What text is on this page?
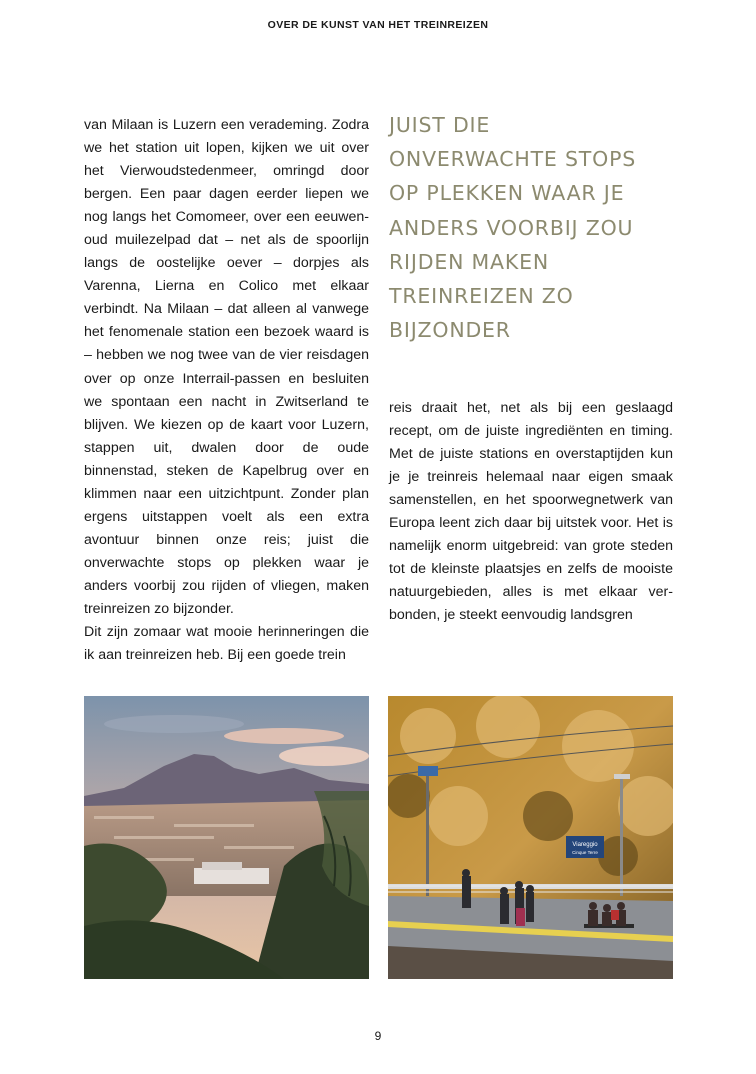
OVER DE KUNST VAN HET TREINREIZEN

van Milaan is Luzern een verademing. Zodra we het station uit lopen, kijken we uit over het Vierwoudstedenmeer, omringd door bergen. Een paar dagen eerder liepen we nog langs het Comomeer, over een eeuwenoud muilezelpad dat – net als de spoorlijn langs de oostelijke oever – dorpjes als Varenna, Lierna en Colico met elkaar verbindt. Na Milaan – dat alleen al vanwege het fenomenale station een bezoek waard is – hebben we nog twee van de vier reisdagen over op onze Interrail-passen en besluiten we spontaan een nacht in Zwitserland te blijven. We kiezen op de kaart voor Luzern, stappen uit, dwalen door de oude binnenstad, steken de Kapelbrug over en klimmen naar een uitzichtpunt. Zonder plan ergens uitstappen voelt als een extra avontuur binnen onze reis; juist die onverwachte stops op plekken waar je anders voorbij zou rijden of vliegen, maken treinreizen zo bijzonder.

Dit zijn zomaar wat mooie herinneringen die ik aan treinreizen heb. Bij een goede trein

JUIST DIE ONVERWACHTE STOPS OP PLEKKEN WAAR JE ANDERS VOORBIJ ZOU RIJDEN MAKEN TREINREIZEN ZO BIJZONDER

reis draait het, net als bij een geslaagd recept, om de juiste ingrediënten en timing. Met de juiste stations en overstaptijden kun je je treinreis helemaal naar eigen smaak samenstellen, en het spoorwegnetwerk van Europa leent zich daar bij uitstek voor. Het is namelijk enorm uitgebreid: van grote steden tot de kleinste plaatsjes en zelfs de mooiste natuurgebieden, alles is met elkaar verbonden, je steekt eenvoudig landsgren

Viareggio
Cinque Terre
9
